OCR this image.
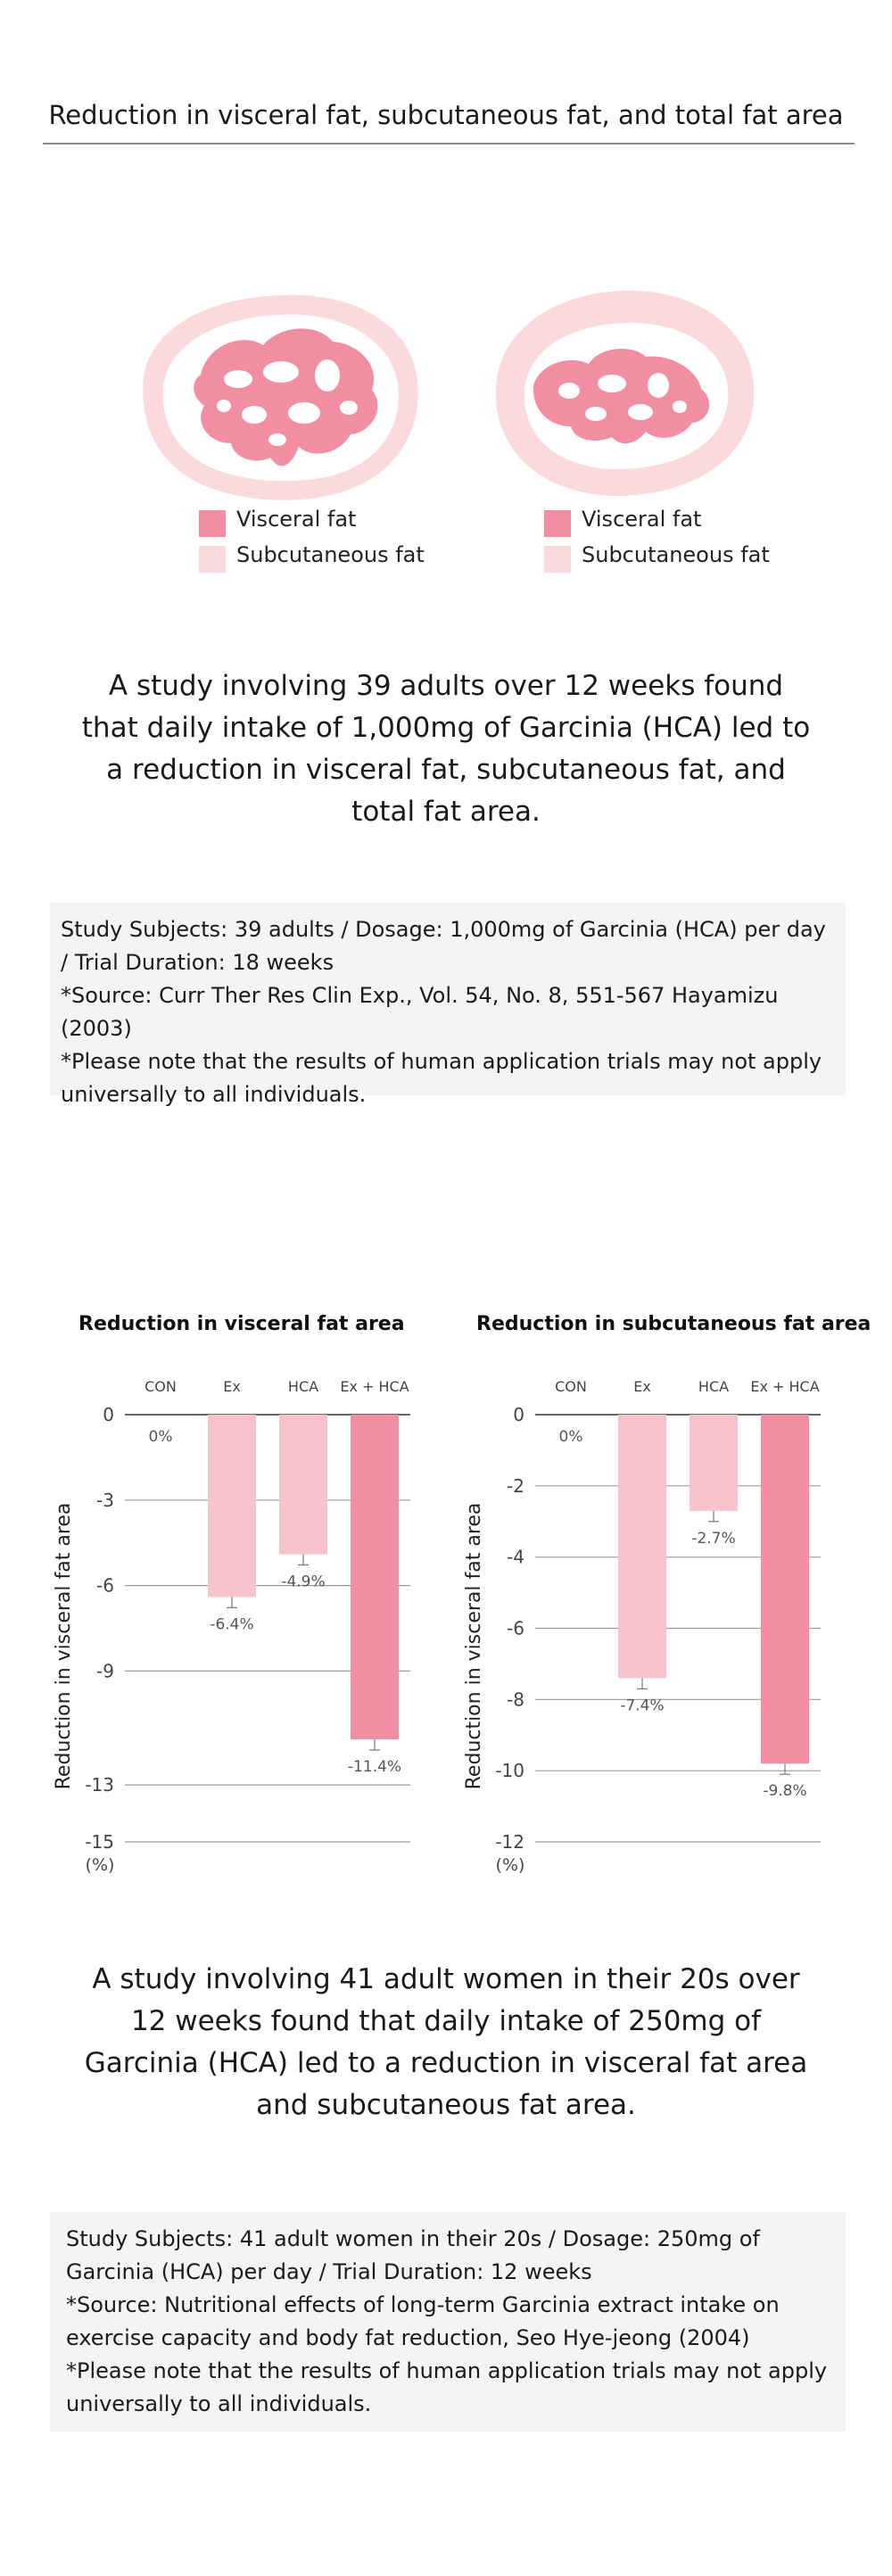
Reduction in visceral fat, subcutaneous fat, and total fat area
Visceral fat
Subcutaneous fat
Visceral fat
Subcutaneous fat
A study involving 39 adults over 12 weeks found that daily intake of 1,000mg of Garcinia (HCA) led to a reduction in visceral fat, subcutaneous fat, and total fat area.

Study Subjects: 39 adults / Dosage: 1,000mg of Garcinia (HCA) per day / Trial Duration: 18 weeks

*Source: Curr Ther Res Clin Exp., Vol. 54, No. 8, 551-567 Hayamizu (2003)

*Please note that the results of human application trials may not apply universally to all individuals.

Reduction in visceral fat area	Reduction in subcutaneous fat area
0
-3
-6
-9
-13
-15
(%)
Reduction in visceral fat area
CON
0%
Ex
-6.4%
HCA
-4.9%
Ex + HCA
-11.4%
0
-2
-4
-6
-8
-10
-12
(%)
Reduction in visceral fat area
CON
0%
Ex
-7.4%
HCA
-2.7%
Ex + HCA
-9.8%
A study involving 41 adult women in their 20s over 12 weeks found that daily intake of 250mg of Garcinia (HCA) led to a reduction in visceral fat area and subcutaneous fat area.

Study Subjects: 41 adult women in their 20s / Dosage: 250mg of Garcinia (HCA) per day / Trial Duration: 12 weeks

*Source: Nutritional effects of long-term Garcinia extract intake on exercise capacity and body fat reduction, Seo Hye-jeong (2004)

*Please note that the results of human application trials may not apply universally to all individuals.
